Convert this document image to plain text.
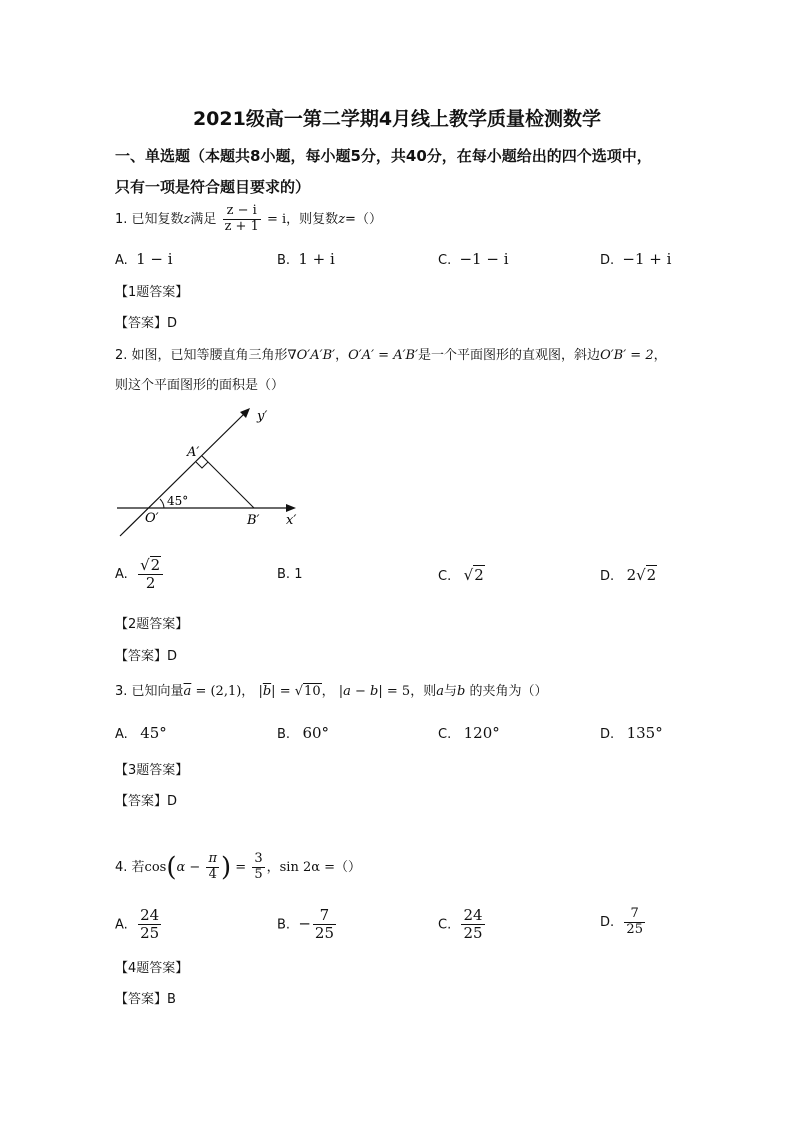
2021级高一第二学期4月线上教学质量检测数学
一、单选题（本题共8小题，每小题5分，共40分，在每小题给出的四个选项中，
只有一项是符合题目要求的）
1. 已知复数z满足 $\frac{z - i}{z + 1} = i$，则复数z=（）
A. 1 − i	B. 1 + i	C. −1 − i	D. −1 + i
【1题答案】
【答案】D
2. 如图，已知等腰直角三角形∇O′A′B′，O′A′ = A′B′是一个平面图形的直观图，斜边O′B′ = 2，
则这个平面图形的面积是（）
y′
x′
A′
O′	B′
45°
A. $\frac{√2}{2}$	B. 1	C. √2	D. 2√2
【2题答案】
【答案】D
3. 已知向量$\overline{a} = (2,1)$， $|\overline{b}| = √10$， |a − b| = 5，则a与b 的夹角为（）
A. 45°	B. 60°	C. 120°	D. 135°
【3题答案】
【答案】D
4. 若$\cos(\alpha - \frac{\pi}{4}$ ) = $\frac{3}{5}$ ，sin 2α =（）
A. $\frac{24}{25}$	B. − $\frac{7}{25}$	C. $\frac{24}{25}$	D. $\frac{7}{25}$
【4题答案】
【答案】B
